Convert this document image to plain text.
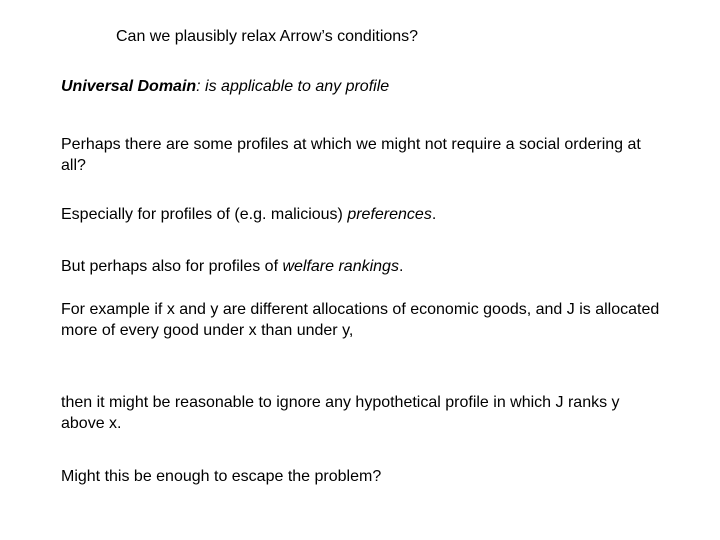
Can we plausibly relax Arrow’s conditions?
Universal Domain: is applicable to any profile
Perhaps there are some profiles at which we might not require a social ordering at all?
Especially for profiles of (e.g. malicious) preferences.
But perhaps also for profiles of welfare rankings.
For example if x and y are different allocations of economic goods, and J is allocated more of every good under x than under y,
then it might be reasonable to ignore any hypothetical profile in which J ranks y above x.
Might this be enough to escape the problem?
